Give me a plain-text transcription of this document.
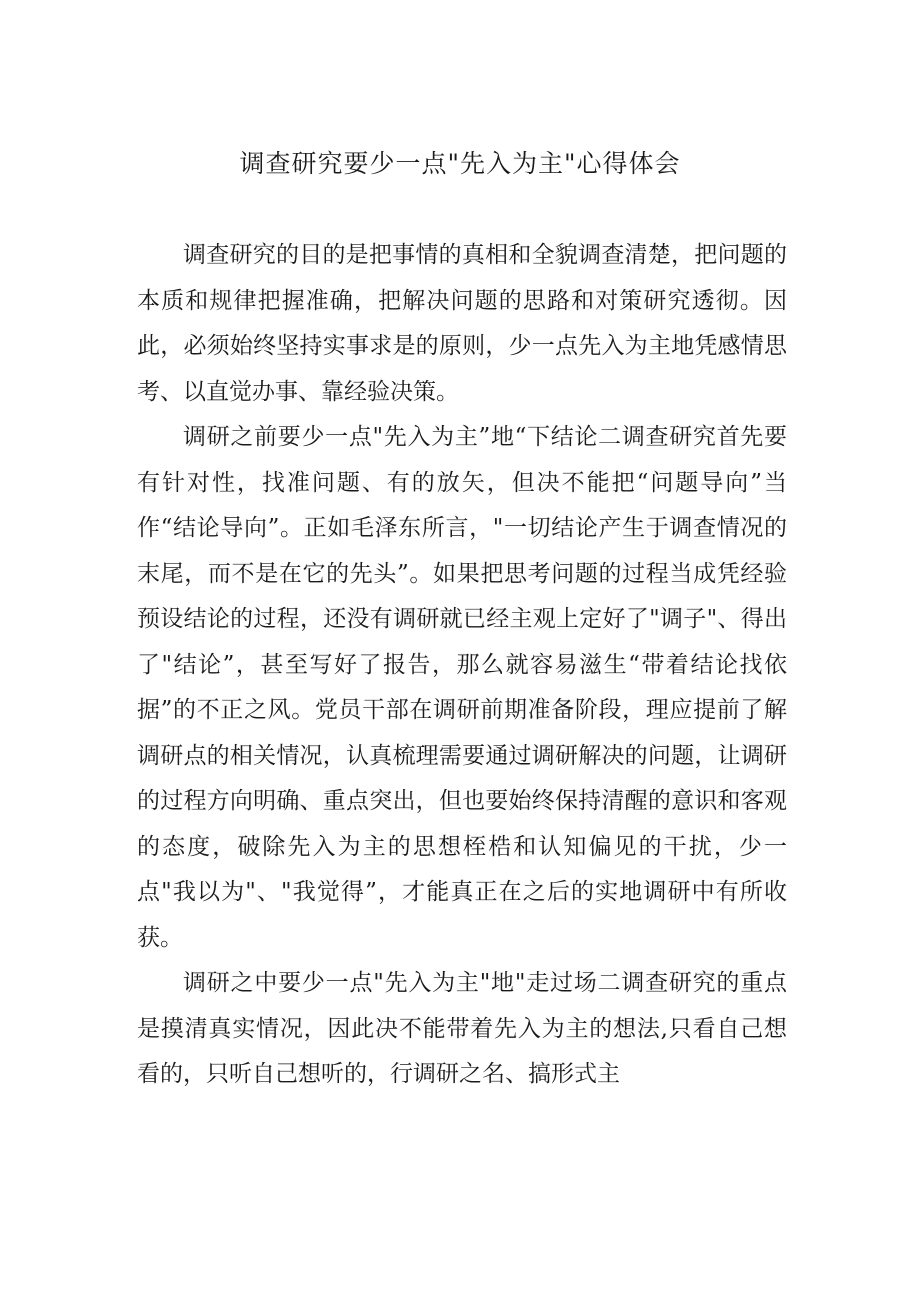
调查研究要少一点"先入为主"心得体会

调查研究的目的是把事情的真相和全貌调查清楚，把问题的本质和规律把握准确，把解决问题的思路和对策研究透彻。因此，必须始终坚持实事求是的原则，少一点先入为主地凭感情思考、以直觉办事、靠经验决策。

调研之前要少一点"先入为主”地“下结论二调查研究首先要有针对性，找准问题、有的放矢，但决不能把“问题导向”当作“结论导向”。正如毛泽东所言，"一切结论产生于调查情况的末尾，而不是在它的先头”。如果把思考问题的过程当成凭经验预设结论的过程，还没有调研就已经主观上定好了"调子"、得出了"结论”，甚至写好了报告，那么就容易滋生“带着结论找依据”的不正之风。党员干部在调研前期准备阶段，理应提前了解调研点的相关情况，认真梳理需要通过调研解决的问题，让调研的过程方向明确、重点突出，但也要始终保持清醒的意识和客观的态度，破除先入为主的思想桎梏和认知偏见的干扰，少一点"我以为"、"我觉得”，才能真正在之后的实地调研中有所收获。

调研之中要少一点"先入为主"地"走过场二调查研究的重点是摸清真实情况，因此决不能带着先入为主的想法,只看自己想看的，只听自己想听的，行调研之名、搞形式主
